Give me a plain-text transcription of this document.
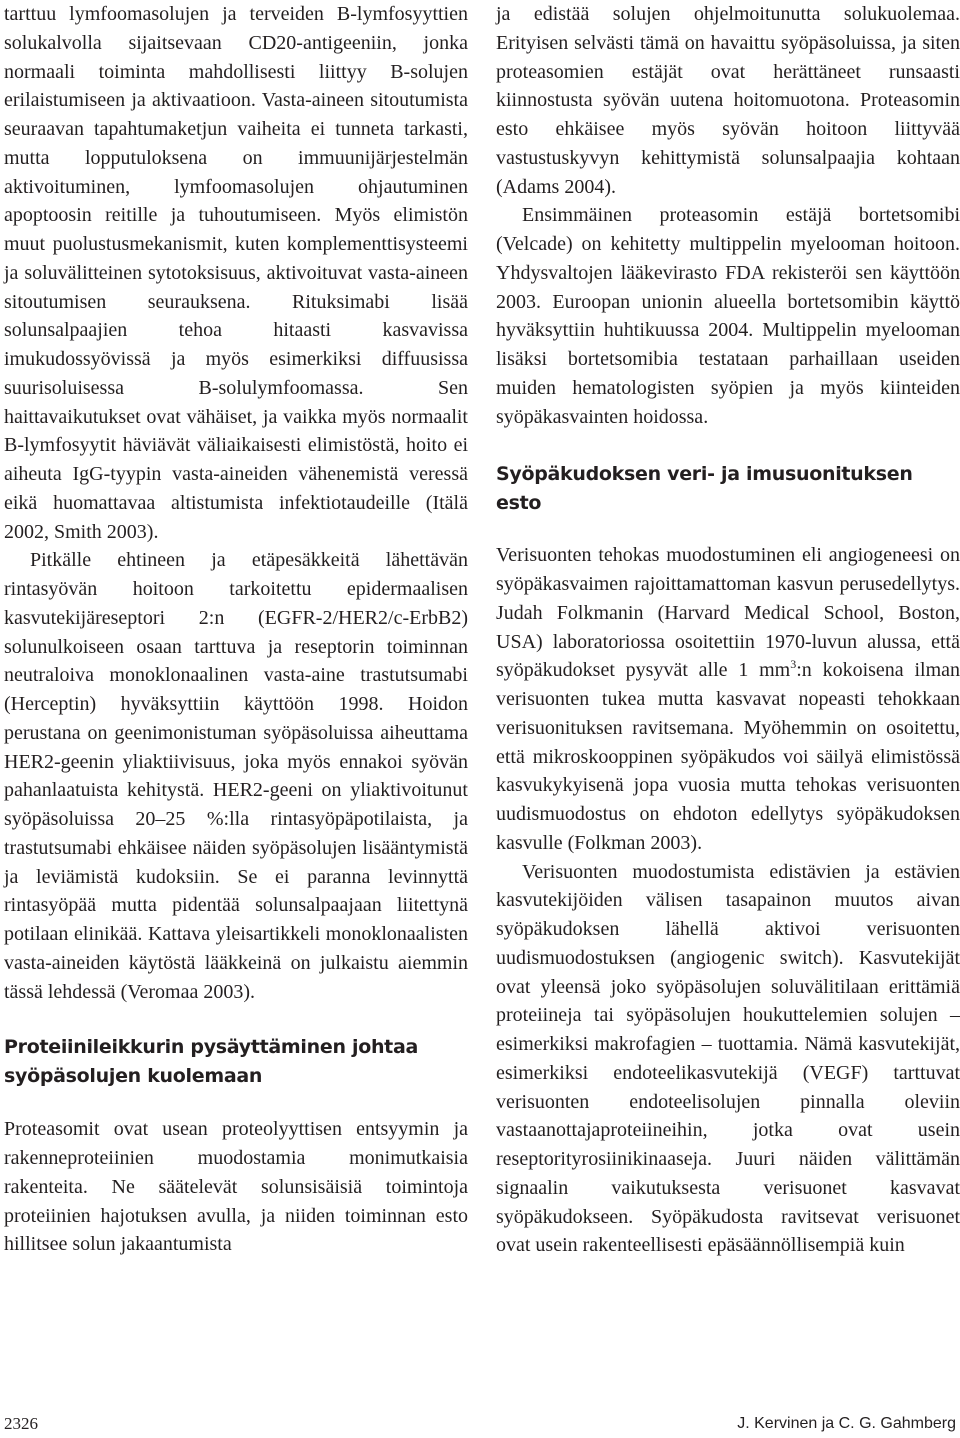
tarttuu lymfoomasolujen ja terveiden B-lymfosyyttien solukalvolla sijaitsevaan CD20-antigeeniin, jonka normaali toiminta mahdollisesti liittyy B-solujen erilaistumiseen ja aktivaatioon. Vasta-aineen sitoutumista seuraavan tapahtumaketjun vaiheita ei tunneta tarkasti, mutta lopputuloksena on immuunijärjestelmän aktivoituminen, lymfoomasolujen ohjautuminen apoptoosin reitille ja tuhoutumiseen. Myös elimistön muut puolustusmekanismit, kuten komplementtisysteemi ja soluvälitteinen sytotoksisuus, aktivoituvat vasta-aineen sitoutumisen seurauksena. Rituksimabi lisää solunsalpaajien tehoa hitaasti kasvavissa imukudossyövissä ja myös esimerkiksi diffuusissa suurisoluisessa B-solulymfoomassa. Sen haittavaikutukset ovat vähäiset, ja vaikka myös normaalit B-lymfosyytit häviävät väliaikaisesti elimistöstä, hoito ei aiheuta IgG-tyypin vasta-aineiden vähenemistä veressä eikä huomattavaa altistumista infektiotaudeille (Itälä 2002, Smith 2003).

Pitkälle ehtineen ja etäpesäkkeitä lähettävän rintasyövän hoitoon tarkoitettu epidermaalisen kasvutekijäreseptori 2:n (EGFR-2/HER2/c-ErbB2) solunulkoiseen osaan tarttuva ja reseptorin toiminnan neutraloiva monoklonaalinen vasta-aine trastutsumabi (Herceptin) hyväksyttiin käyttöön 1998. Hoidon perustana on geenimonistuman syöpäsoluissa aiheuttama HER2-geenin yliaktiivisuus, joka myös ennakoi syövän pahanlaatuista kehitystä. HER2-geeni on yliaktivoitunut syöpäsoluissa 20–25 %:lla rintasyöpäpotilaista, ja trastutsumabi ehkäisee näiden syöpäsolujen lisääntymistä ja leviämistä kudoksiin. Se ei paranna levinnyttä rintasyöpää mutta pidentää solunsalpaajaan liitettynä potilaan elinikää. Kattava yleisartikkeli monoklonaalisten vasta-aineiden käytöstä lääkkeinä on julkaistu aiemmin tässä lehdessä (Veromaa 2003).

Proteiinileikkurin pysäyttäminen johtaa syöpäsolujen kuolemaan

Proteasomit ovat usean proteolyyttisen entsyymin ja rakenneproteiinien muodostamia monimutkaisia rakenteita. Ne säätelevät solunsisäisiä toimintoja proteiinien hajotuksen avulla, ja niiden toiminnan esto hillitsee solun jakaantumista

ja edistää solujen ohjelmoitunutta solukuolemaa. Erityisen selvästi tämä on havaittu syöpäsoluissa, ja siten proteasomien estäjät ovat herättäneet runsaasti kiinnostusta syövän uutena hoitomuotona. Proteasomin esto ehkäisee myös syövän hoitoon liittyvää vastustuskyvyn kehittymistä solunsalpaajia kohtaan (Adams 2004).

Ensimmäinen proteasomin estäjä bortetsomibi (Velcade) on kehitetty multippelin myelooman hoitoon. Yhdysvaltojen lääkevirasto FDA rekisteröi sen käyttöön 2003. Euroopan unionin alueella bortetsomibin käyttö hyväksyttiin huhtikuussa 2004. Multippelin myelooman lisäksi bortetsomibia testataan parhaillaan useiden muiden hematologisten syöpien ja myös kiinteiden syöpäkasvainten hoidossa.

Syöpäkudoksen veri- ja imusuonituksen esto

Verisuonten tehokas muodostuminen eli angiogeneesi on syöpäkasvaimen rajoittamattoman kasvun perusedellytys. Judah Folkmanin (Harvard Medical School, Boston, USA) laboratoriossa osoitettiin 1970-luvun alussa, että syöpäkudokset pysyvät alle 1 $mm^3:n$ kokoisena ilman verisuonten tukea mutta kasvavat nopeasti tehokkaan verisuonituksen ravitsemana. Myöhemmin on osoitettu, että mikroskooppinen syöpäkudos voi säilyä elimistössä kasvukykyisenä jopa vuosia mutta tehokas verisuonten uudismuodostus on ehdoton edellytys syöpäkudoksen kasvulle (Folkman 2003).

Verisuonten muodostumista edistävien ja estävien kasvutekijöiden välisen tasapainon muutos aivan syöpäkudoksen lähellä aktivoi verisuonten uudismuodostuksen (angiogenic switch). Kasvutekijät ovat yleensä joko syöpäsolujen soluvälitilaan erittämiä proteiineja tai syöpäsolujen houkuttelemien solujen – esimerkiksi makrofagien – tuottamia. Nämä kasvutekijät, esimerkiksi endoteelikasvutekijä (VEGF) tarttuvat verisuonten endoteelisolujen pinnalla oleviin vastaanottajaproteiineihin, jotka ovat usein reseptorityrosiinikinaaseja. Juuri näiden välittämän signaalin vaikutuksesta verisuonet kasvavat syöpäkudokseen. Syöpäkudosta ravitsevat verisuonet ovat usein rakenteellisesti epäsäännöllisempiä kuin

2326	J. Kervinen ja C. G. Gahmberg
